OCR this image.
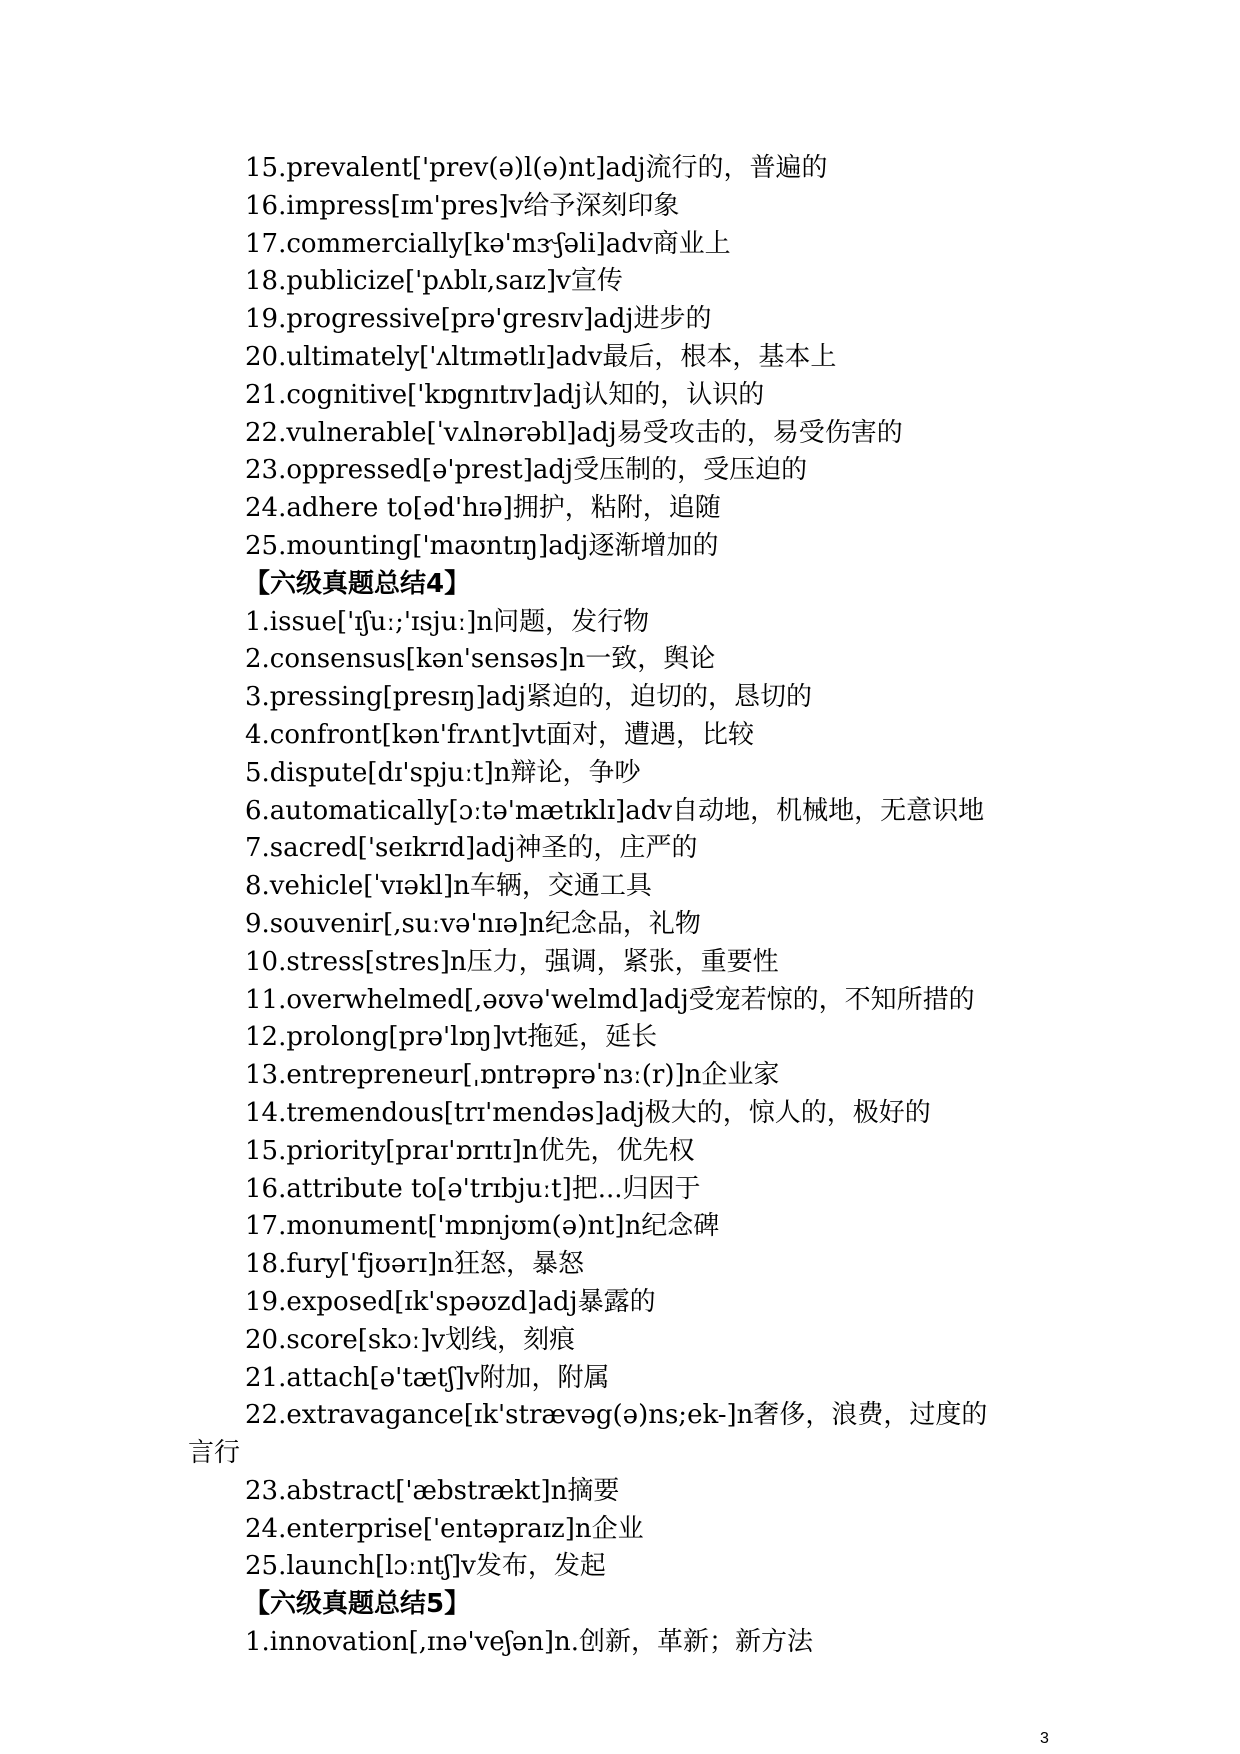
15.prevalent['prev(ə)l(ə)nt]adj流行的，普遍的
16.impress[ɪm'pres]v给予深刻印象
17.commercially[kə'mɝʃəli]adv商业上
18.publicize['pʌblɪ,saɪz]v宣传
19.progressive[prə'gresɪv]adj进步的
20.ultimately['ʌltɪmətlɪ]adv最后，根本，基本上
21.cognitive['kɒgnɪtɪv]adj认知的，认识的
22.vulnerable[ˈvʌlnərəbl]adj易受攻击的，易受伤害的
23.oppressed[ə'prest]adj受压制的，受压迫的
24.adhere to[əd'hɪə]拥护，粘附，追随
25.mounting['maʊntɪŋ]adj逐渐增加的
【六级真题总结4】
1.issue['ɪʃuː;'ɪsjuː]n问题，发行物
2.consensus[kən'sensəs]n一致，舆论
3.pressing[presɪŋ]adj紧迫的，迫切的，恳切的
4.confront[kən'frʌnt]vt面对，遭遇，比较
5.dispute[dɪ'spjuːt]n辩论，争吵
6.automatically[ɔːtə'mætɪklɪ]adv自动地，机械地，无意识地
7.sacred['seɪkrɪd]adj神圣的，庄严的
8.vehicle[ˈvɪəkl]n车辆，交通工具
9.souvenir[,suːvə'nɪə]n纪念品，礼物
10.stress[stres]n压力，强调，紧张，重要性
11.overwhelmed[,əʊvə'welmd]adj受宠若惊的，不知所措的
12.prolong[prə'lɒŋ]vt拖延，延长
13.entrepreneur[ˌɒntrəprəˈnɜː(r)]n企业家
14.tremendous[trɪ'mendəs]adj极大的，惊人的，极好的
15.priority[praɪ'ɒrɪtɪ]n优先，优先权
16.attribute to[ə'trɪbjuːt]把...归因于
17.monument['mɒnjʊm(ə)nt]n纪念碑
18.fury['fjʊərɪ]n狂怒，暴怒
19.exposed[ɪk'spəʊzd]adj暴露的
20.score[skɔː]v划线，刻痕
21.attach[ə'tætʃ]v附加，附属
22.extravagance[ɪk'strævəg(ə)ns;ek-]n奢侈，浪费，过度的
言行
23.abstract['æbstrækt]n摘要
24.enterprise['entəpraɪz]n企业
25.launch[lɔːntʃ]v发布，发起
【六级真题总结5】
1.innovation[,ɪnə'veʃən]n.创新，革新；新方法
3
